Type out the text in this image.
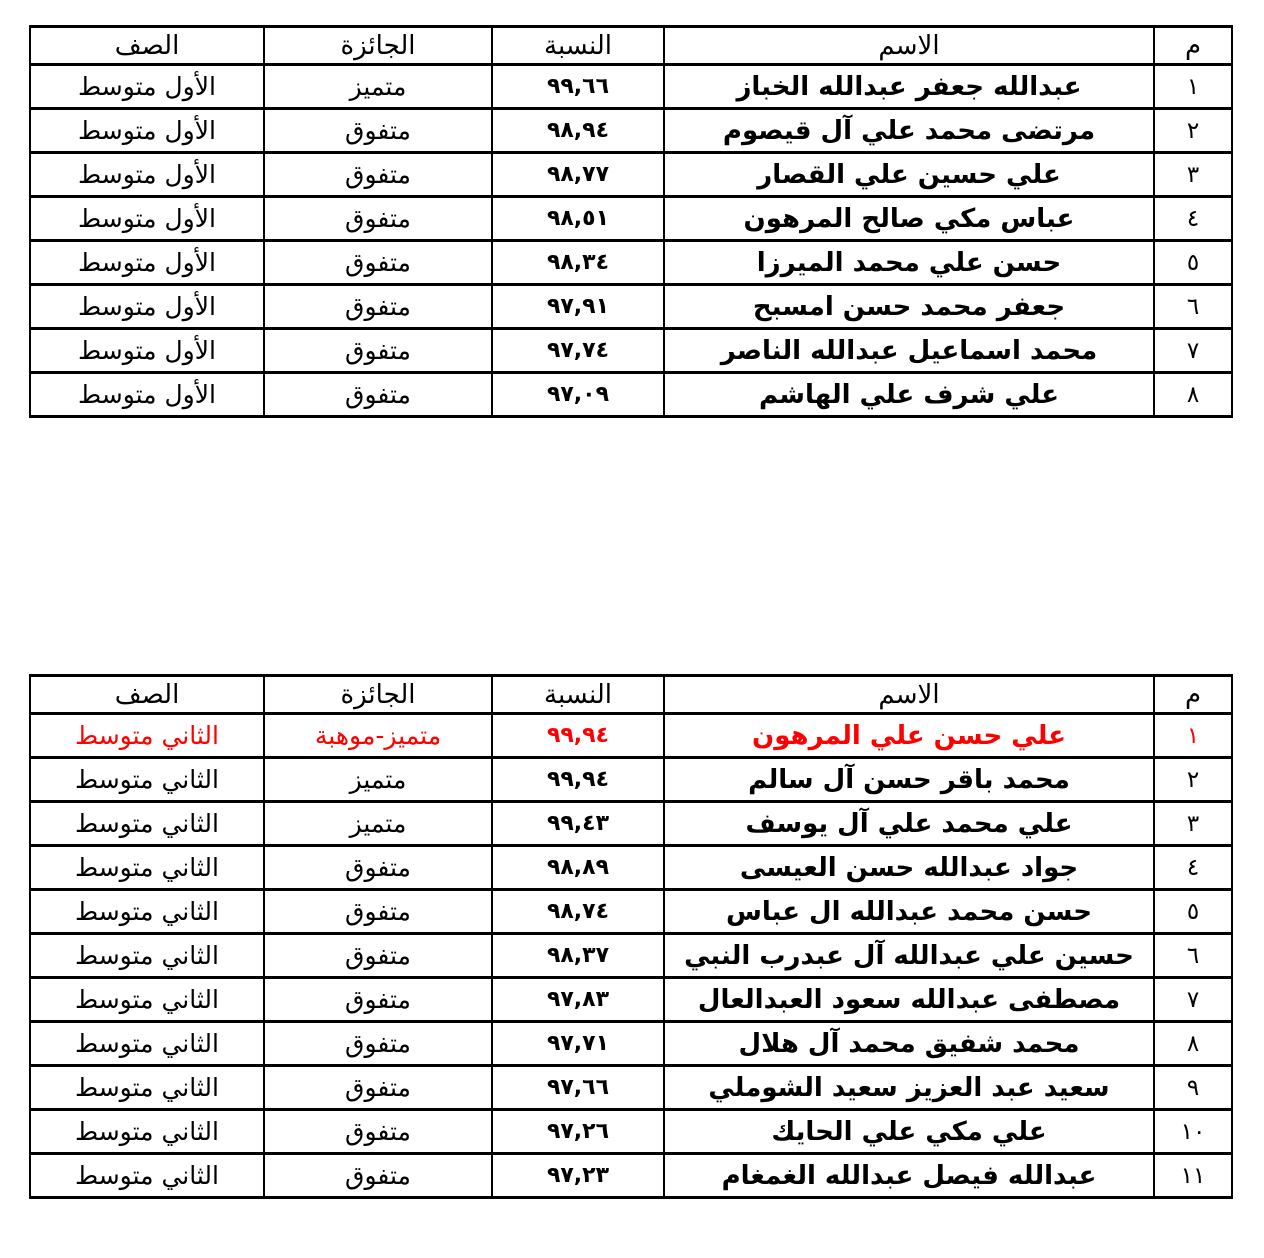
م	الاسم	النسبة	الجائزة	الصف
١	عبدالله جعفر عبدالله الخباز	٩٩,٦٦	متميز	الأول متوسط
٢	مرتضى محمد علي آل قيصوم	٩٨,٩٤	متفوق	الأول متوسط
٣	علي حسين علي القصار	٩٨,٧٧	متفوق	الأول متوسط
٤	عباس مكي صالح المرهون	٩٨,٥١	متفوق	الأول متوسط
٥	حسن علي محمد الميرزا	٩٨,٣٤	متفوق	الأول متوسط
٦	جعفر محمد حسن امسبح	٩٧,٩١	متفوق	الأول متوسط
٧	محمد اسماعيل عبدالله الناصر	٩٧,٧٤	متفوق	الأول متوسط
٨	علي شرف علي الهاشم	٩٧,٠٩	متفوق	الأول متوسط
م	الاسم	النسبة	الجائزة	الصف
١	علي حسن علي المرهون	٩٩,٩٤	متميز-موهبة	الثاني متوسط
٢	محمد باقر حسن آل سالم	٩٩,٩٤	متميز	الثاني متوسط
٣	علي محمد علي آل يوسف	٩٩,٤٣	متميز	الثاني متوسط
٤	جواد عبدالله حسن العيسى	٩٨,٨٩	متفوق	الثاني متوسط
٥	حسن محمد عبدالله ال عباس	٩٨,٧٤	متفوق	الثاني متوسط
٦	حسين علي عبدالله آل عبدرب النبي	٩٨,٣٧	متفوق	الثاني متوسط
٧	مصطفى عبدالله سعود العبدالعال	٩٧,٨٣	متفوق	الثاني متوسط
٨	محمد شفيق محمد آل هلال	٩٧,٧١	متفوق	الثاني متوسط
٩	سعيد عبد العزيز سعيد الشوملي	٩٧,٦٦	متفوق	الثاني متوسط
١٠	علي مكي علي الحايك	٩٧,٢٦	متفوق	الثاني متوسط
١١	عبدالله فيصل عبدالله الغمغام	٩٧,٢٣	متفوق	الثاني متوسط
